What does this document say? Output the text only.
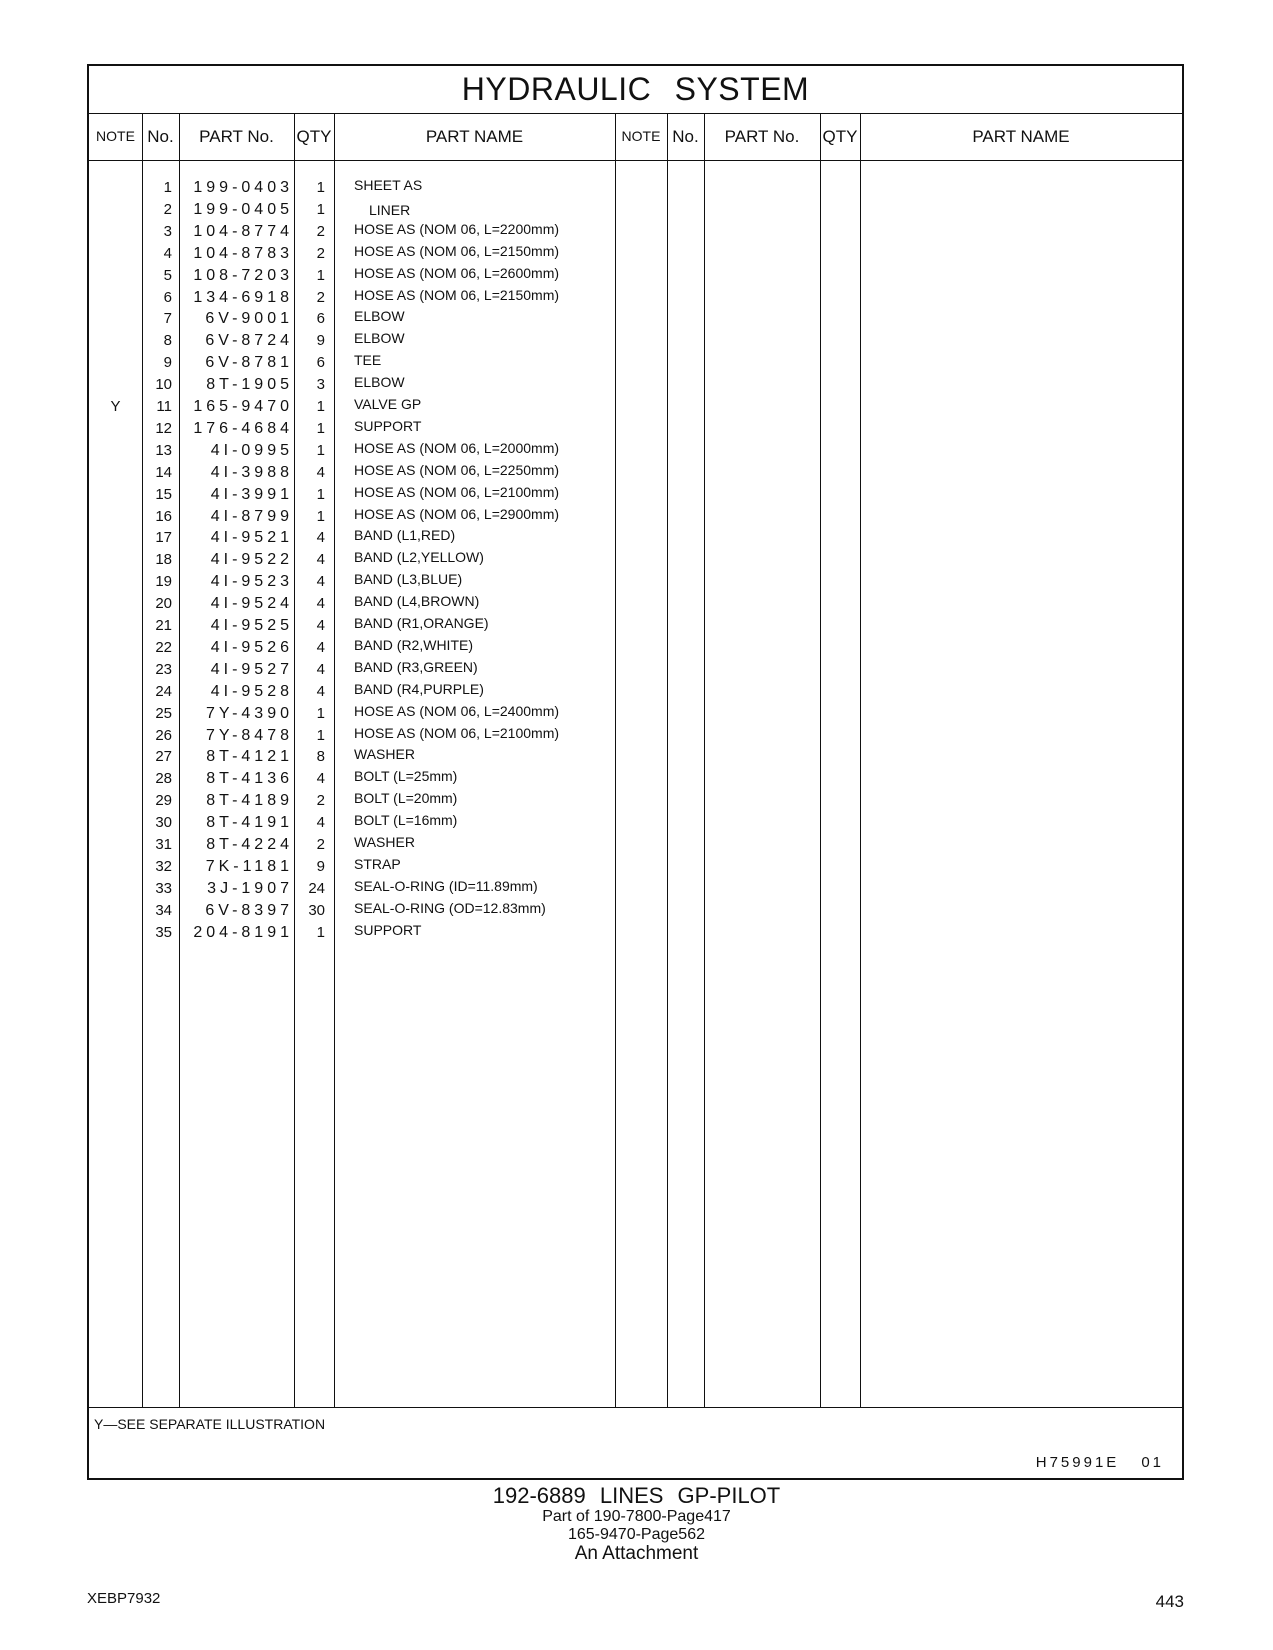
HYDRAULIC SYSTEM
NOTE No.	PART No.	QTY	PART NAME	NOTE No.	PART No.	QTY	PART NAME
1	199-0403	1 SHEET AS
2	199-0405	1	LINER
3	104-8774	2 HOSE AS (NOM 06, L=2200mm)
4	104-8783	2 HOSE AS (NOM 06, L=2150mm)
5	108-7203	1 HOSE AS (NOM 06, L=2600mm)
6	134-6918	2 HOSE AS (NOM 06, L=2150mm)
7	6V-9001	6 ELBOW
8	6V-8724	9 ELBOW
9	6V-8781	6 TEE
10	8T-1905	3 ELBOW
Y	11	165-9470	1 VALVE GP
12	176-4684	1 SUPPORT
13	4I-0995	1 HOSE AS (NOM 06, L=2000mm)
14	4I-3988	4 HOSE AS (NOM 06, L=2250mm)
15	4I-3991	1 HOSE AS (NOM 06, L=2100mm)
16	4I-8799	1 HOSE AS (NOM 06, L=2900mm)
17	4I-9521	4 BAND (L1,RED)
18	4I-9522	4 BAND (L2,YELLOW)
19	4I-9523	4 BAND (L3,BLUE)
20	4I-9524	4 BAND (L4,BROWN)
21	4I-9525	4 BAND (R1,ORANGE)
22	4I-9526	4 BAND (R2,WHITE)
23	4I-9527	4 BAND (R3,GREEN)
24	4I-9528	4 BAND (R4,PURPLE)
25	7Y-4390	1 HOSE AS (NOM 06, L=2400mm)
26	7Y-8478	1 HOSE AS (NOM 06, L=2100mm)
27	8T-4121	8 WASHER
28	8T-4136	4 BOLT (L=25mm)
29	8T-4189	2 BOLT (L=20mm)
30	8T-4191	4 BOLT (L=16mm)
31	8T-4224	2 WASHER
32	7K-1181	9 STRAP
33	3J-1907	24 SEAL-O-RING (ID=11.89mm)
34	6V-8397	30 SEAL-O-RING (OD=12.83mm)
35	204-8191	1 SUPPORT
Y—SEE SEPARATE ILLUSTRATION
H75991E 01
192-6889 LINES GP-PILOT
Part of 190-7800-Page417
165-9470-Page562
An Attachment
XEBP7932	443
